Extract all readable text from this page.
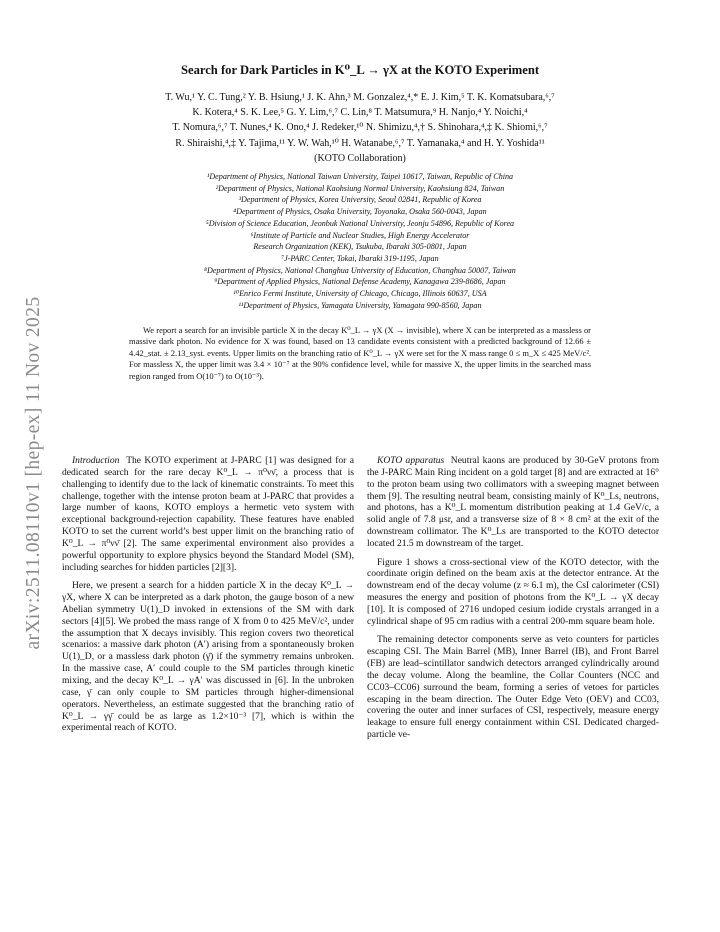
arXiv:2511.08110v1 [hep-ex] 11 Nov 2025
Search for Dark Particles in K⁰_L → γX at the KOTO Experiment
T. Wu,¹ Y. C. Tung,² Y. B. Hsiung,¹ J. K. Ahn,³ M. Gonzalez,⁴,* E. J. Kim,⁵ T. K. Komatsubara,⁶,⁷
K. Kotera,⁴ S. K. Lee,⁵ G. Y. Lim,⁶,⁷ C. Lin,⁸ T. Matsumura,⁹ H. Nanjo,⁴ Y. Noichi,⁴
T. Nomura,⁶,⁷ T. Nunes,⁴ K. Ono,⁴ J. Redeker,¹⁰ N. Shimizu,⁴,† S. Shinohara,⁴,‡ K. Shiomi,⁶,⁷
R. Shiraishi,⁴,‡ Y. Tajima,¹¹ Y. W. Wah,¹⁰ H. Watanabe,⁶,⁷ T. Yamanaka,⁴ and H. Y. Yoshida¹¹
(KOTO Collaboration)
¹Department of Physics, National Taiwan University, Taipei 10617, Taiwan, Republic of China
²Department of Physics, National Kaohsiung Normal University, Kaohsiung 824, Taiwan
³Department of Physics, Korea University, Seoul 02841, Republic of Korea
⁴Department of Physics, Osaka University, Toyonaka, Osaka 560-0043, Japan
⁵Division of Science Education, Jeonbuk National University, Jeonju 54896, Republic of Korea
⁶Institute of Particle and Nuclear Studies, High Energy Accelerator
Research Organization (KEK), Tsukuba, Ibaraki 305-0801, Japan
⁷J-PARC Center, Tokai, Ibaraki 319-1195, Japan
⁸Department of Physics, National Changhua University of Education, Changhua 50007, Taiwan
⁹Department of Applied Physics, National Defense Academy, Kanagawa 239-8686, Japan
¹⁰Enrico Fermi Institute, University of Chicago, Chicago, Illinois 60637, USA
¹¹Department of Physics, Yamagata University, Yamagata 990-8560, Japan

We report a search for an invisible particle X in the decay K⁰_L → γX (X → invisible), where X can be interpreted as a massless or massive dark photon. No evidence for X was found, based on 13 candidate events consistent with a predicted background of 12.66 ± 4.42_stat. ± 2.13_syst. events. Upper limits on the branching ratio of K⁰_L → γX were set for the X mass range 0 ≤ m_X ≤ 425 MeV/c². For massless X, the upper limit was 3.4 × 10⁻⁷ at the 90% confidence level, while for massive X, the upper limits in the searched mass region ranged from O(10⁻⁷) to O(10⁻³).

Introduction The KOTO experiment at J-PARC [1] was designed for a dedicated search for the rare decay K⁰_L → π⁰νν̄, a process that is challenging to identify due to the lack of kinematic constraints. To meet this challenge, together with the intense proton beam at J-PARC that provides a large number of kaons, KOTO employs a hermetic veto system with exceptional background-rejection capability. These features have enabled KOTO to set the current world’s best upper limit on the branching ratio of K⁰_L → π⁰νν̄ [2]. The same experimental environment also provides a powerful opportunity to explore physics beyond the Standard Model (SM), including searches for hidden particles [2][3].

Here, we present a search for a hidden particle X in the decay K⁰_L → γX, where X can be interpreted as a dark photon, the gauge boson of a new Abelian symmetry U(1)_D invoked in extensions of the SM with dark sectors [4][5]. We probed the mass range of X from 0 to 425 MeV/c², under the assumption that X decays invisibly. This region covers two theoretical scenarios: a massive dark photon (A′) arising from a spontaneously broken U(1)_D, or a massless dark photon (γ̄) if the symmetry remains unbroken. In the massive case, A′ could couple to the SM particles through kinetic mixing, and the decay K⁰_L → γA′ was discussed in [6]. In the unbroken case, γ̄ can only couple to SM particles through higher-dimensional operators. Nevertheless, an estimate suggested that the branching ratio of K⁰_L → γγ̄ could be as large as 1.2×10⁻³ [7], which is within the experimental reach of KOTO.

KOTO apparatus Neutral kaons are produced by 30-GeV protons from the J-PARC Main Ring incident on a gold target [8] and are extracted at 16° to the proton beam using two collimators with a sweeping magnet between them [9]. The resulting neutral beam, consisting mainly of K⁰_Ls, neutrons, and photons, has a K⁰_L momentum distribution peaking at 1.4 GeV/c, a solid angle of 7.8 μsr, and a transverse size of 8 × 8 cm² at the exit of the downstream collimator. The K⁰_Ls are transported to the KOTO detector located 21.5 m downstream of the target.

Figure 1 shows a cross-sectional view of the KOTO detector, with the coordinate origin defined on the beam axis at the detector entrance. At the downstream end of the decay volume (z ≈ 6.1 m), the CsI calorimeter (CSI) measures the energy and position of photons from the K⁰_L → γX decay [10]. It is composed of 2716 undoped cesium iodide crystals arranged in a cylindrical shape of 95 cm radius with a central 200-mm square beam hole.

The remaining detector components serve as veto counters for particles escaping CSI. The Main Barrel (MB), Inner Barrel (IB), and Front Barrel (FB) are lead–scintillator sandwich detectors arranged cylindrically around the decay volume. Along the beamline, the Collar Counters (NCC and CC03–CC06) surround the beam, forming a series of vetoes for particles escaping in the beam direction. The Outer Edge Veto (OEV) and CC03, covering the outer and inner surfaces of CSI, respectively, measure energy leakage to ensure full energy containment within CSI. Dedicated charged-particle ve-
